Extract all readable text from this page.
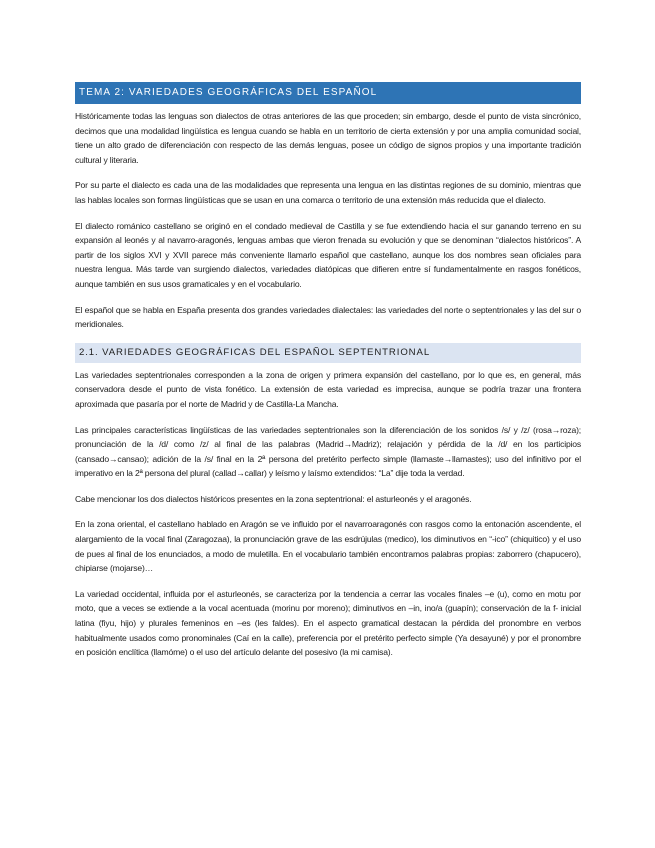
TEMA 2: VARIEDADES GEOGRÁFICAS DEL ESPAÑOL

Históricamente todas las lenguas son dialectos de otras anteriores de las que proceden; sin embargo, desde el punto de vista sincrónico, decimos que una modalidad lingüística es lengua cuando se habla en un territorio de cierta extensión y por una amplia comunidad social, tiene un alto grado de diferenciación con respecto de las demás lenguas, posee un código de signos propios y una importante tradición cultural y literaria.

Por su parte el dialecto es cada una de las modalidades que representa una lengua en las distintas regiones de su dominio, mientras que las hablas locales son formas lingüísticas que se usan en una comarca o territorio de una extensión más reducida que el dialecto.

El dialecto románico castellano se originó en el condado medieval de Castilla y se fue extendiendo hacia el sur ganando terreno en su expansión al leonés y al navarro-aragonés, lenguas ambas que vieron frenada su evolución y que se denominan “dialectos históricos”. A partir de los siglos XVI y XVII parece más conveniente llamarlo español que castellano, aunque los dos nombres sean oficiales para nuestra lengua. Más tarde van surgiendo dialectos, variedades diatópicas que difieren entre sí fundamentalmente en rasgos fonéticos, aunque también en sus usos gramaticales y en el vocabulario.

El español que se habla en España presenta dos grandes variedades dialectales: las variedades del norte o septentrionales y las del sur o meridionales.

2.1. VARIEDADES GEOGRÁFICAS DEL ESPAÑOL SEPTENTRIONAL

Las variedades septentrionales corresponden a la zona de origen y primera expansión del castellano, por lo que es, en general, más conservadora desde el punto de vista fonético. La extensión de esta variedad es imprecisa, aunque se podría trazar una frontera aproximada que pasaría por el norte de Madrid y de Castilla-La Mancha.

Las principales características lingüísticas de las variedades septentrionales son la diferenciación de los sonidos /s/ y /z/ (rosa→roza); pronunciación de la /d/ como /z/ al final de las palabras (Madrid→Madriz); relajación y pérdida de la /d/ en los participios (cansado→cansao); adición de la /s/ final en la 2ª persona del pretérito perfecto simple (llamaste→llamastes); uso del infinitivo por el imperativo en la 2ª persona del plural (callad→callar) y leísmo y laísmo extendidos: “La” dije toda la verdad.

Cabe mencionar los dos dialectos históricos presentes en la zona septentrional: el asturleonés y el aragonés.

En la zona oriental, el castellano hablado en Aragón se ve influido por el navarroaragonés con rasgos como la entonación ascendente, el alargamiento de la vocal final (Zaragozaa), la pronunciación grave de las esdrújulas (medico), los diminutivos en “-ico” (chiquitico) y el uso de pues al final de los enunciados, a modo de muletilla. En el vocabulario también encontramos palabras propias: zaborrero (chapucero), chipiarse (mojarse)…

La variedad occidental, influida por el asturleonés, se caracteriza por la tendencia a cerrar las vocales finales –e (u), como en motu por moto, que a veces se extiende a la vocal acentuada (morinu por moreno); diminutivos en –in, ino/a (guapín); conservación de la f- inicial latina (fiyu, hijo) y plurales femeninos en –es (les faldes). En el aspecto gramatical destacan la pérdida del pronombre en verbos habitualmente usados como pronominales (Caí en la calle), preferencia por el pretérito perfecto simple (Ya desayuné) y por el pronombre en posición enclítica (llamóme) o el uso del artículo delante del posesivo (la mi camisa).
